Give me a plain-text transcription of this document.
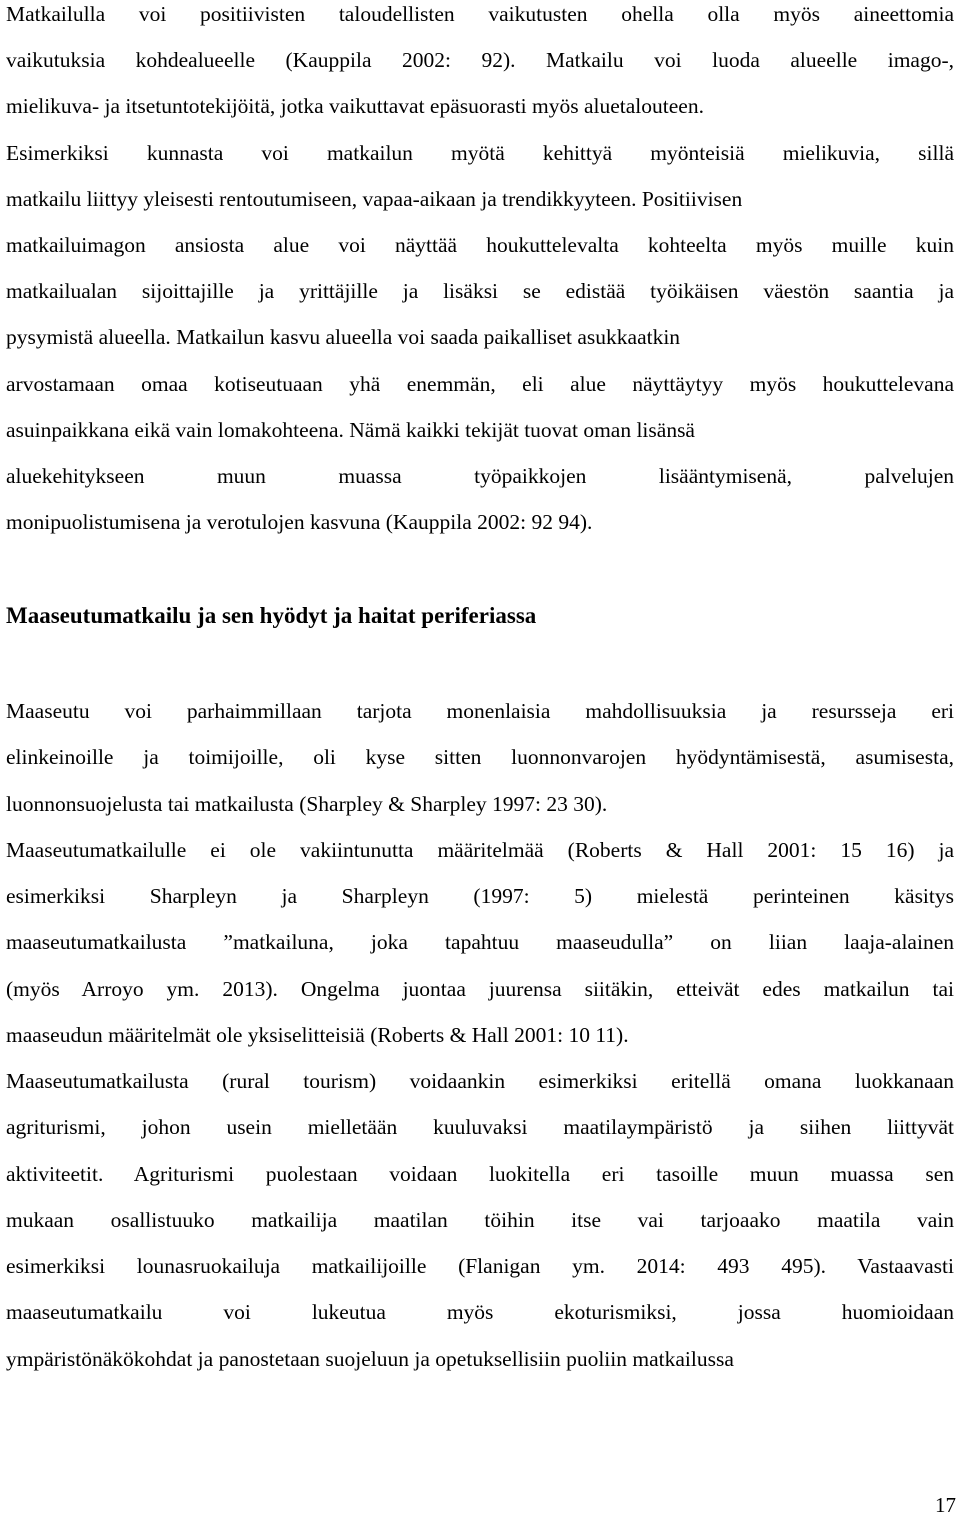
Matkailulla voi positiivisten taloudellisten vaikutusten ohella olla myös aineettomia
vaikutuksia kohdealueelle (Kauppila 2002: 92). Matkailu voi luoda alueelle imago-,
mielikuva- ja itsetuntotekijöitä, jotka vaikuttavat epäsuorasti myös aluetalouteen.
Esimerkiksi kunnasta voi matkailun myötä kehittyä myönteisiä mielikuvia, sillä
matkailu liittyy yleisesti rentoutumiseen, vapaa-aikaan ja trendikkyyteen. Positiivisen
matkailuimagon ansiosta alue voi näyttää houkuttelevalta kohteelta myös muille kuin
matkailualan sijoittajille ja yrittäjille ja lisäksi se edistää työikäisen väestön saantia ja
pysymistä alueella. Matkailun kasvu alueella voi saada paikalliset asukkaatkin
arvostamaan omaa kotiseutuaan yhä enemmän, eli alue näyttäytyy myös houkuttelevana
asuinpaikkana eikä vain lomakohteena. Nämä kaikki tekijät tuovat oman lisänsä
aluekehitykseen muun muassa työpaikkojen lisääntymisenä, palvelujen
monipuolistumisena ja verotulojen kasvuna (Kauppila 2002: 92 94).
Maaseutumatkailu ja sen hyödyt ja haitat periferiassa
Maaseutu voi parhaimmillaan tarjota monenlaisia mahdollisuuksia ja resursseja eri
elinkeinoille ja toimijoille, oli kyse sitten luonnonvarojen hyödyntämisestä, asumisesta,
luonnonsuojelusta tai matkailusta (Sharpley & Sharpley 1997: 23 30).
Maaseutumatkailulle ei ole vakiintunutta määritelmää (Roberts & Hall 2001: 15 16) ja
esimerkiksi Sharpleyn ja Sharpleyn (1997: 5) mielestä perinteinen käsitys
maaseutumatkailusta ”matkailuna, joka tapahtuu maaseudulla” on liian laaja-alainen
(myös Arroyo ym. 2013). Ongelma juontaa juurensa siitäkin, etteivät edes matkailun tai
maaseudun määritelmät ole yksiselitteisiä (Roberts & Hall 2001: 10 11).
Maaseutumatkailusta (rural tourism) voidaankin esimerkiksi eritellä omana luokkanaan
agriturismi, johon usein mielletään kuuluvaksi maatilaympäristö ja siihen liittyvät
aktiviteetit. Agriturismi puolestaan voidaan luokitella eri tasoille muun muassa sen
mukaan osallistuuko matkailija maatilan töihin itse vai tarjoaako maatila vain
esimerkiksi lounasruokailuja matkailijoille (Flanigan ym. 2014: 493 495). Vastaavasti
maaseutumatkailu voi lukeutua myös ekoturismiksi, jossa huomioidaan
ympäristönäkökohdat ja panostetaan suojeluun ja opetuksellisiin puoliin matkailussa
17
